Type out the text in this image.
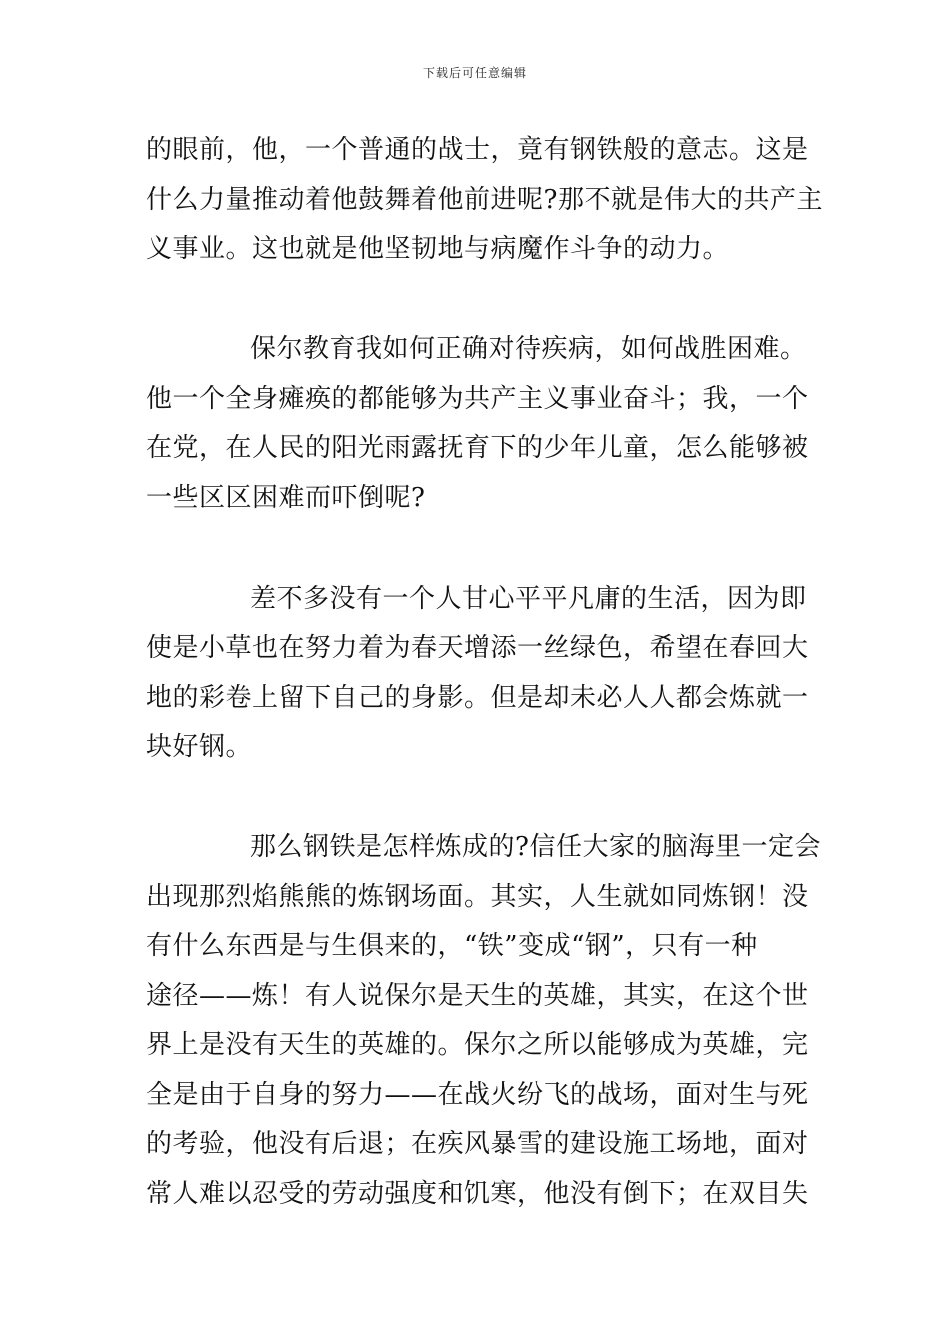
下载后可任意编辑
的眼前，他，一个普通的战士，竟有钢铁般的意志。这是
什么力量推动着他鼓舞着他前进呢?那不就是伟大的共产主
义事业。这也就是他坚韧地与病魔作斗争的动力。
保尔教育我如何正确对待疾病，如何战胜困难。
他一个全身瘫痪的都能够为共产主义事业奋斗；我，一个
在党，在人民的阳光雨露抚育下的少年儿童，怎么能够被
一些区区困难而吓倒呢?
差不多没有一个人甘心平平凡庸的生活，因为即
使是小草也在努力着为春天增添一丝绿色，希望在春回大
地的彩卷上留下自己的身影。但是却未必人人都会炼就一
块好钢。
那么钢铁是怎样炼成的?信任大家的脑海里一定会
出现那烈焰熊熊的炼钢场面。其实，人生就如同炼钢！没
有什么东西是与生俱来的，“铁”变成“钢”，只有一种
途径——炼！有人说保尔是天生的英雄，其实，在这个世
界上是没有天生的英雄的。保尔之所以能够成为英雄，完
全是由于自身的努力——在战火纷飞的战场，面对生与死
的考验，他没有后退；在疾风暴雪的建设施工场地，面对
常人难以忍受的劳动强度和饥寒，他没有倒下；在双目失
